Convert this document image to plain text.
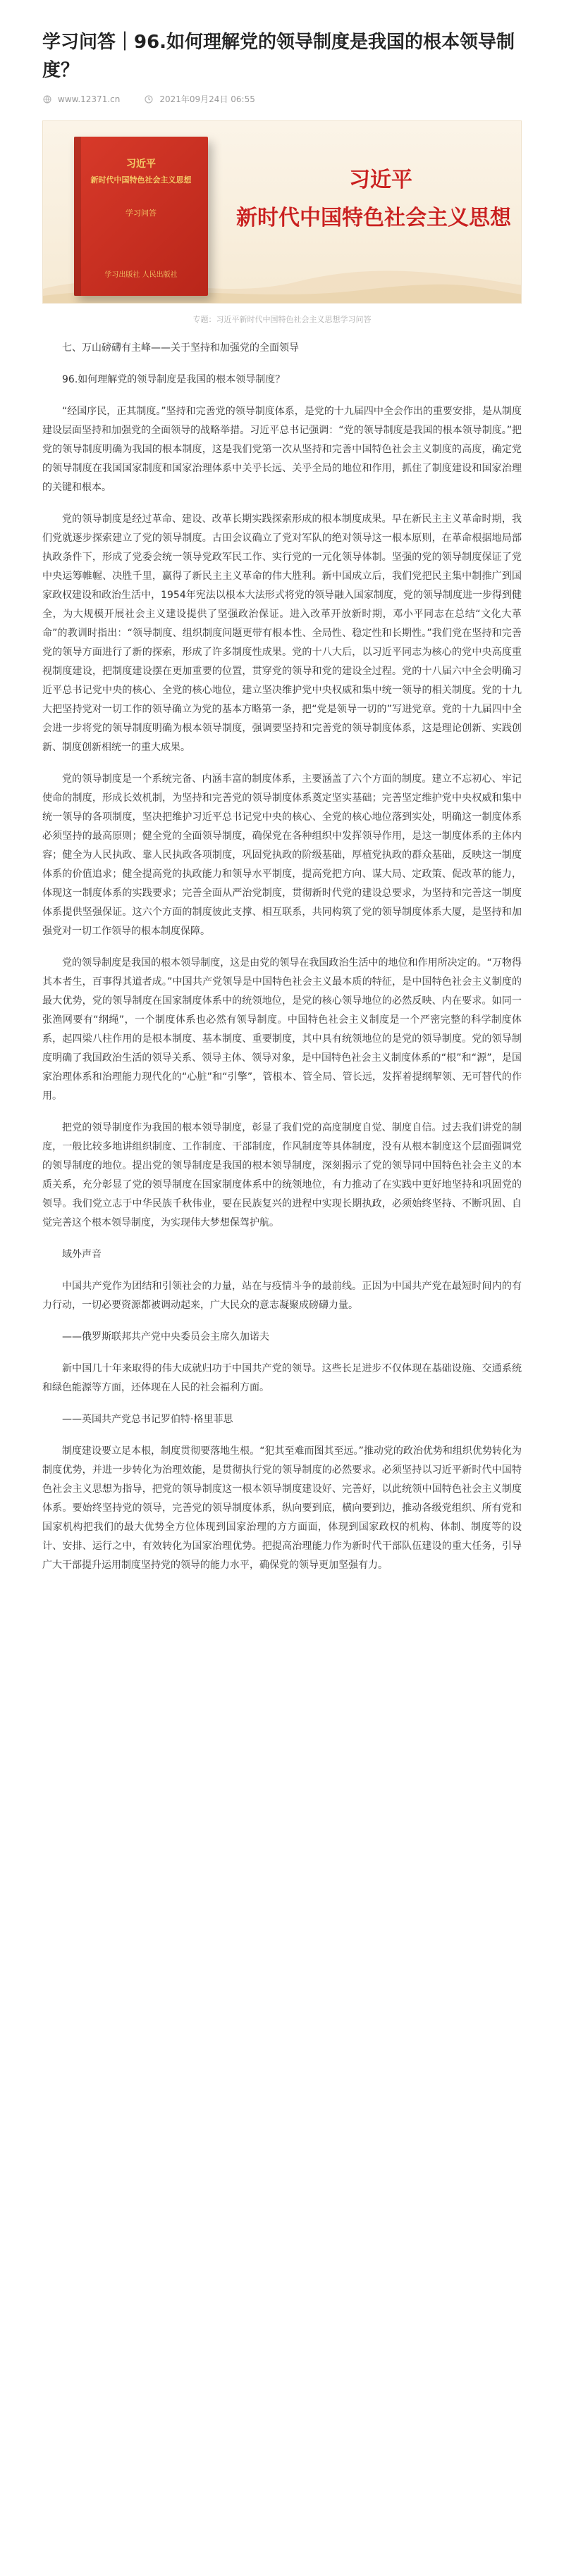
学习问答｜96.如何理解党的领导制度是我国的根本领导制度？
www.12371.cn	2021年09月24日 06:55
习近平
新时代中国特色社会主义思想
学习问答
学习出版社 人民出版社
习近平
新时代中国特色社会主义思想
专题：习近平新时代中国特色社会主义思想学习问答

七、万山磅礴有主峰——关于坚持和加强党的全面领导

96.如何理解党的领导制度是我国的根本领导制度？

“经国序民，正其制度。”坚持和完善党的领导制度体系，是党的十九届四中全会作出的重要安排，是从制度建设层面坚持和加强党的全面领导的战略举措。习近平总书记强调：“党的领导制度是我国的根本领导制度。”把党的领导制度明确为我国的根本制度，这是我们党第一次从坚持和完善中国特色社会主义制度的高度，确定党的领导制度在我国国家制度和国家治理体系中关乎长远、关乎全局的地位和作用，抓住了制度建设和国家治理的关键和根本。

党的领导制度是经过革命、建设、改革长期实践探索形成的根本制度成果。早在新民主主义革命时期，我们党就逐步探索建立了党的领导制度。古田会议确立了党对军队的绝对领导这一根本原则，在革命根据地局部执政条件下，形成了党委会统一领导党政军民工作、实行党的一元化领导体制。坚强的党的领导制度保证了党中央运筹帷幄、决胜千里，赢得了新民主主义革命的伟大胜利。新中国成立后，我们党把民主集中制推广到国家政权建设和政治生活中，1954年宪法以根本大法形式将党的领导融入国家制度，党的领导制度进一步得到健全，为大规模开展社会主义建设提供了坚强政治保证。进入改革开放新时期，邓小平同志在总结“文化大革命”的教训时指出：“领导制度、组织制度问题更带有根本性、全局性、稳定性和长期性。”我们党在坚持和完善党的领导方面进行了新的探索，形成了许多制度性成果。党的十八大后，以习近平同志为核心的党中央高度重视制度建设，把制度建设摆在更加重要的位置，贯穿党的领导和党的建设全过程。党的十八届六中全会明确习近平总书记党中央的核心、全党的核心地位，建立坚决维护党中央权威和集中统一领导的相关制度。党的十九大把坚持党对一切工作的领导确立为党的基本方略第一条，把“党是领导一切的”写进党章。党的十九届四中全会进一步将党的领导制度明确为根本领导制度，强调要坚持和完善党的领导制度体系，这是理论创新、实践创新、制度创新相统一的重大成果。

党的领导制度是一个系统完备、内涵丰富的制度体系，主要涵盖了六个方面的制度。建立不忘初心、牢记使命的制度，形成长效机制，为坚持和完善党的领导制度体系奠定坚实基础；完善坚定维护党中央权威和集中统一领导的各项制度，坚决把维护习近平总书记党中央的核心、全党的核心地位落到实处，明确这一制度体系必须坚持的最高原则；健全党的全面领导制度，确保党在各种组织中发挥领导作用，是这一制度体系的主体内容；健全为人民执政、靠人民执政各项制度，巩固党执政的阶级基础，厚植党执政的群众基础，反映这一制度体系的价值追求；健全提高党的执政能力和领导水平制度，提高党把方向、谋大局、定政策、促改革的能力，体现这一制度体系的实践要求；完善全面从严治党制度，贯彻新时代党的建设总要求，为坚持和完善这一制度体系提供坚强保证。这六个方面的制度彼此支撑、相互联系，共同构筑了党的领导制度体系大厦，是坚持和加强党对一切工作领导的根本制度保障。

党的领导制度是我国的根本领导制度，这是由党的领导在我国政治生活中的地位和作用所决定的。“万物得其本者生，百事得其道者成。”中国共产党领导是中国特色社会主义最本质的特征，是中国特色社会主义制度的最大优势，党的领导制度在国家制度体系中的统领地位，是党的核心领导地位的必然反映、内在要求。如同一张渔网要有“纲绳”，一个制度体系也必然有领导制度。中国特色社会主义制度是一个严密完整的科学制度体系，起四梁八柱作用的是根本制度、基本制度、重要制度，其中具有统领地位的是党的领导制度。党的领导制度明确了我国政治生活的领导关系、领导主体、领导对象，是中国特色社会主义制度体系的“根”和“源”，是国家治理体系和治理能力现代化的“心脏”和“引擎”，管根本、管全局、管长远，发挥着提纲挈领、无可替代的作用。

把党的领导制度作为我国的根本领导制度，彰显了我们党的高度制度自觉、制度自信。过去我们讲党的制度，一般比较多地讲组织制度、工作制度、干部制度，作风制度等具体制度，没有从根本制度这个层面强调党的领导制度的地位。提出党的领导制度是我国的根本领导制度，深刻揭示了党的领导同中国特色社会主义的本质关系，充分彰显了党的领导制度在国家制度体系中的统领地位，有力推动了在实践中更好地坚持和巩固党的领导。我们党立志于中华民族千秋伟业，要在民族复兴的进程中实现长期执政，必须始终坚持、不断巩固、自觉完善这个根本领导制度，为实现伟大梦想保驾护航。

域外声音

中国共产党作为团结和引领社会的力量，站在与疫情斗争的最前线。正因为中国共产党在最短时间内的有力行动，一切必要资源都被调动起来，广大民众的意志凝聚成磅礴力量。

——俄罗斯联邦共产党中央委员会主席久加诺夫

新中国几十年来取得的伟大成就归功于中国共产党的领导。这些长足进步不仅体现在基础设施、交通系统和绿色能源等方面，还体现在人民的社会福利方面。

——英国共产党总书记罗伯特·格里菲思

制度建设要立足本根，制度贯彻要落地生根。“犯其至难而图其至远。”推动党的政治优势和组织优势转化为制度优势，并进一步转化为治理效能，是贯彻执行党的领导制度的必然要求。必须坚持以习近平新时代中国特色社会主义思想为指导，把党的领导制度这一根本领导制度建设好、完善好，以此统领中国特色社会主义制度体系。要始终坚持党的领导，完善党的领导制度体系，纵向要到底，横向要到边，推动各级党组织、所有党和国家机构把我们的最大优势全方位体现到国家治理的方方面面，体现到国家政权的机构、体制、制度等的设计、安排、运行之中，有效转化为国家治理优势。把提高治理能力作为新时代干部队伍建设的重大任务，引导广大干部提升运用制度坚持党的领导的能力水平，确保党的领导更加坚强有力。
